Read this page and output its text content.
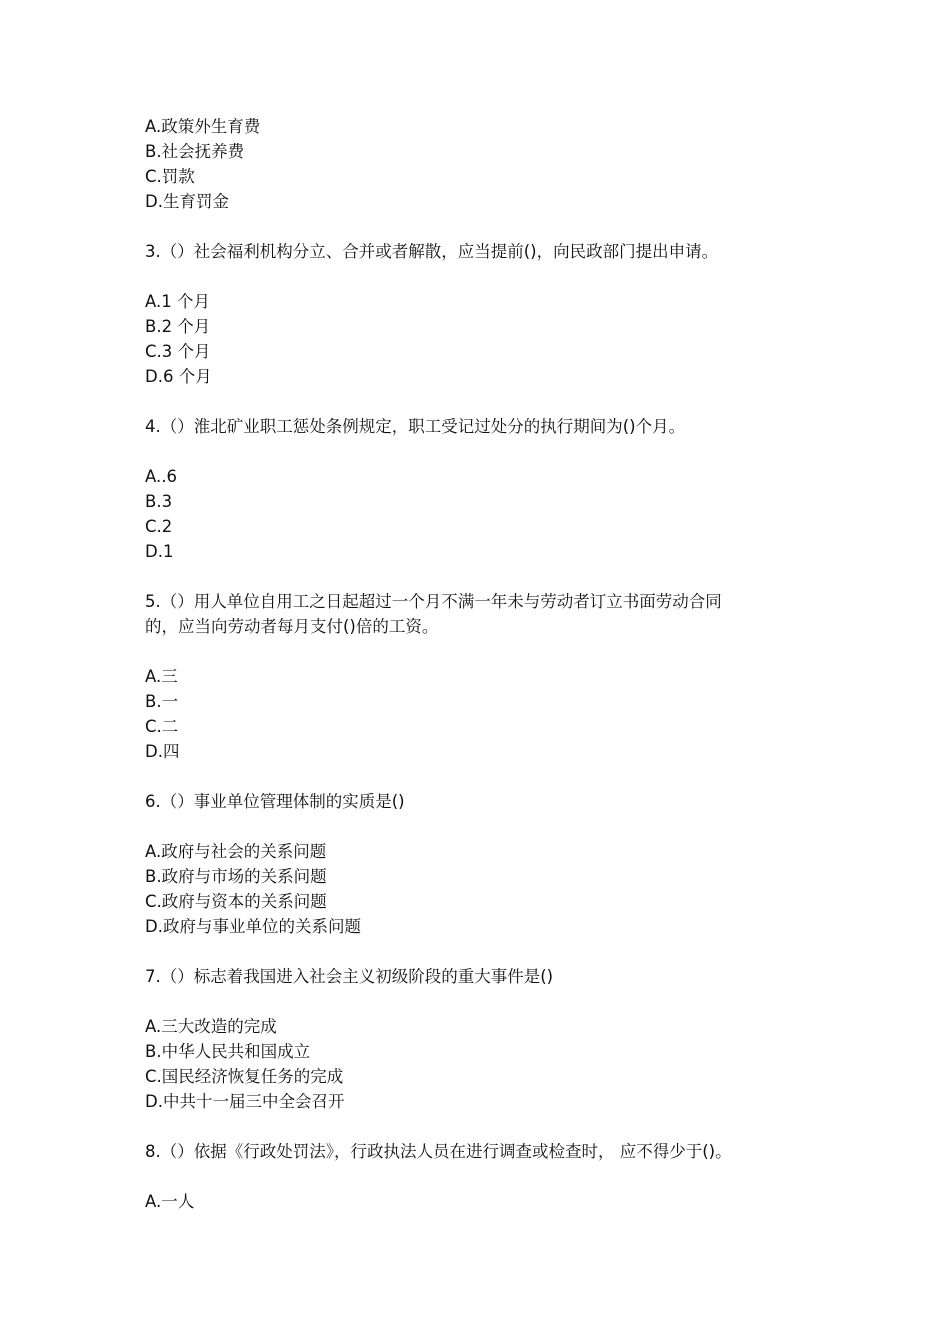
A.政策外生育费
B.社会抚养费
C.罚款
D.生育罚金
3.（）社会福利机构分立、合并或者解散，应当提前()，向民政部门提出申请。
A.1 个月
B.2 个月
C.3 个月
D.6 个月
4.（）淮北矿业职工惩处条例规定，职工受记过处分的执行期间为()个月。
A..6
B.3
C.2
D.1
5.（）用人单位自用工之日起超过一个月不满一年未与劳动者订立书面劳动合同
的，应当向劳动者每月支付()倍的工资。
A.三
B.一
C.二
D.四
6.（）事业单位管理体制的实质是()
A.政府与社会的关系问题
B.政府与市场的关系问题
C.政府与资本的关系问题
D.政府与事业单位的关系问题
7.（）标志着我国进入社会主义初级阶段的重大事件是()
A.三大改造的完成
B.中华人民共和国成立
C.国民经济恢复任务的完成
D.中共十一届三中全会召开
8.（）依据《行政处罚法》，行政执法人员在进行调查或检查时， 应不得少于()。
A.一人
